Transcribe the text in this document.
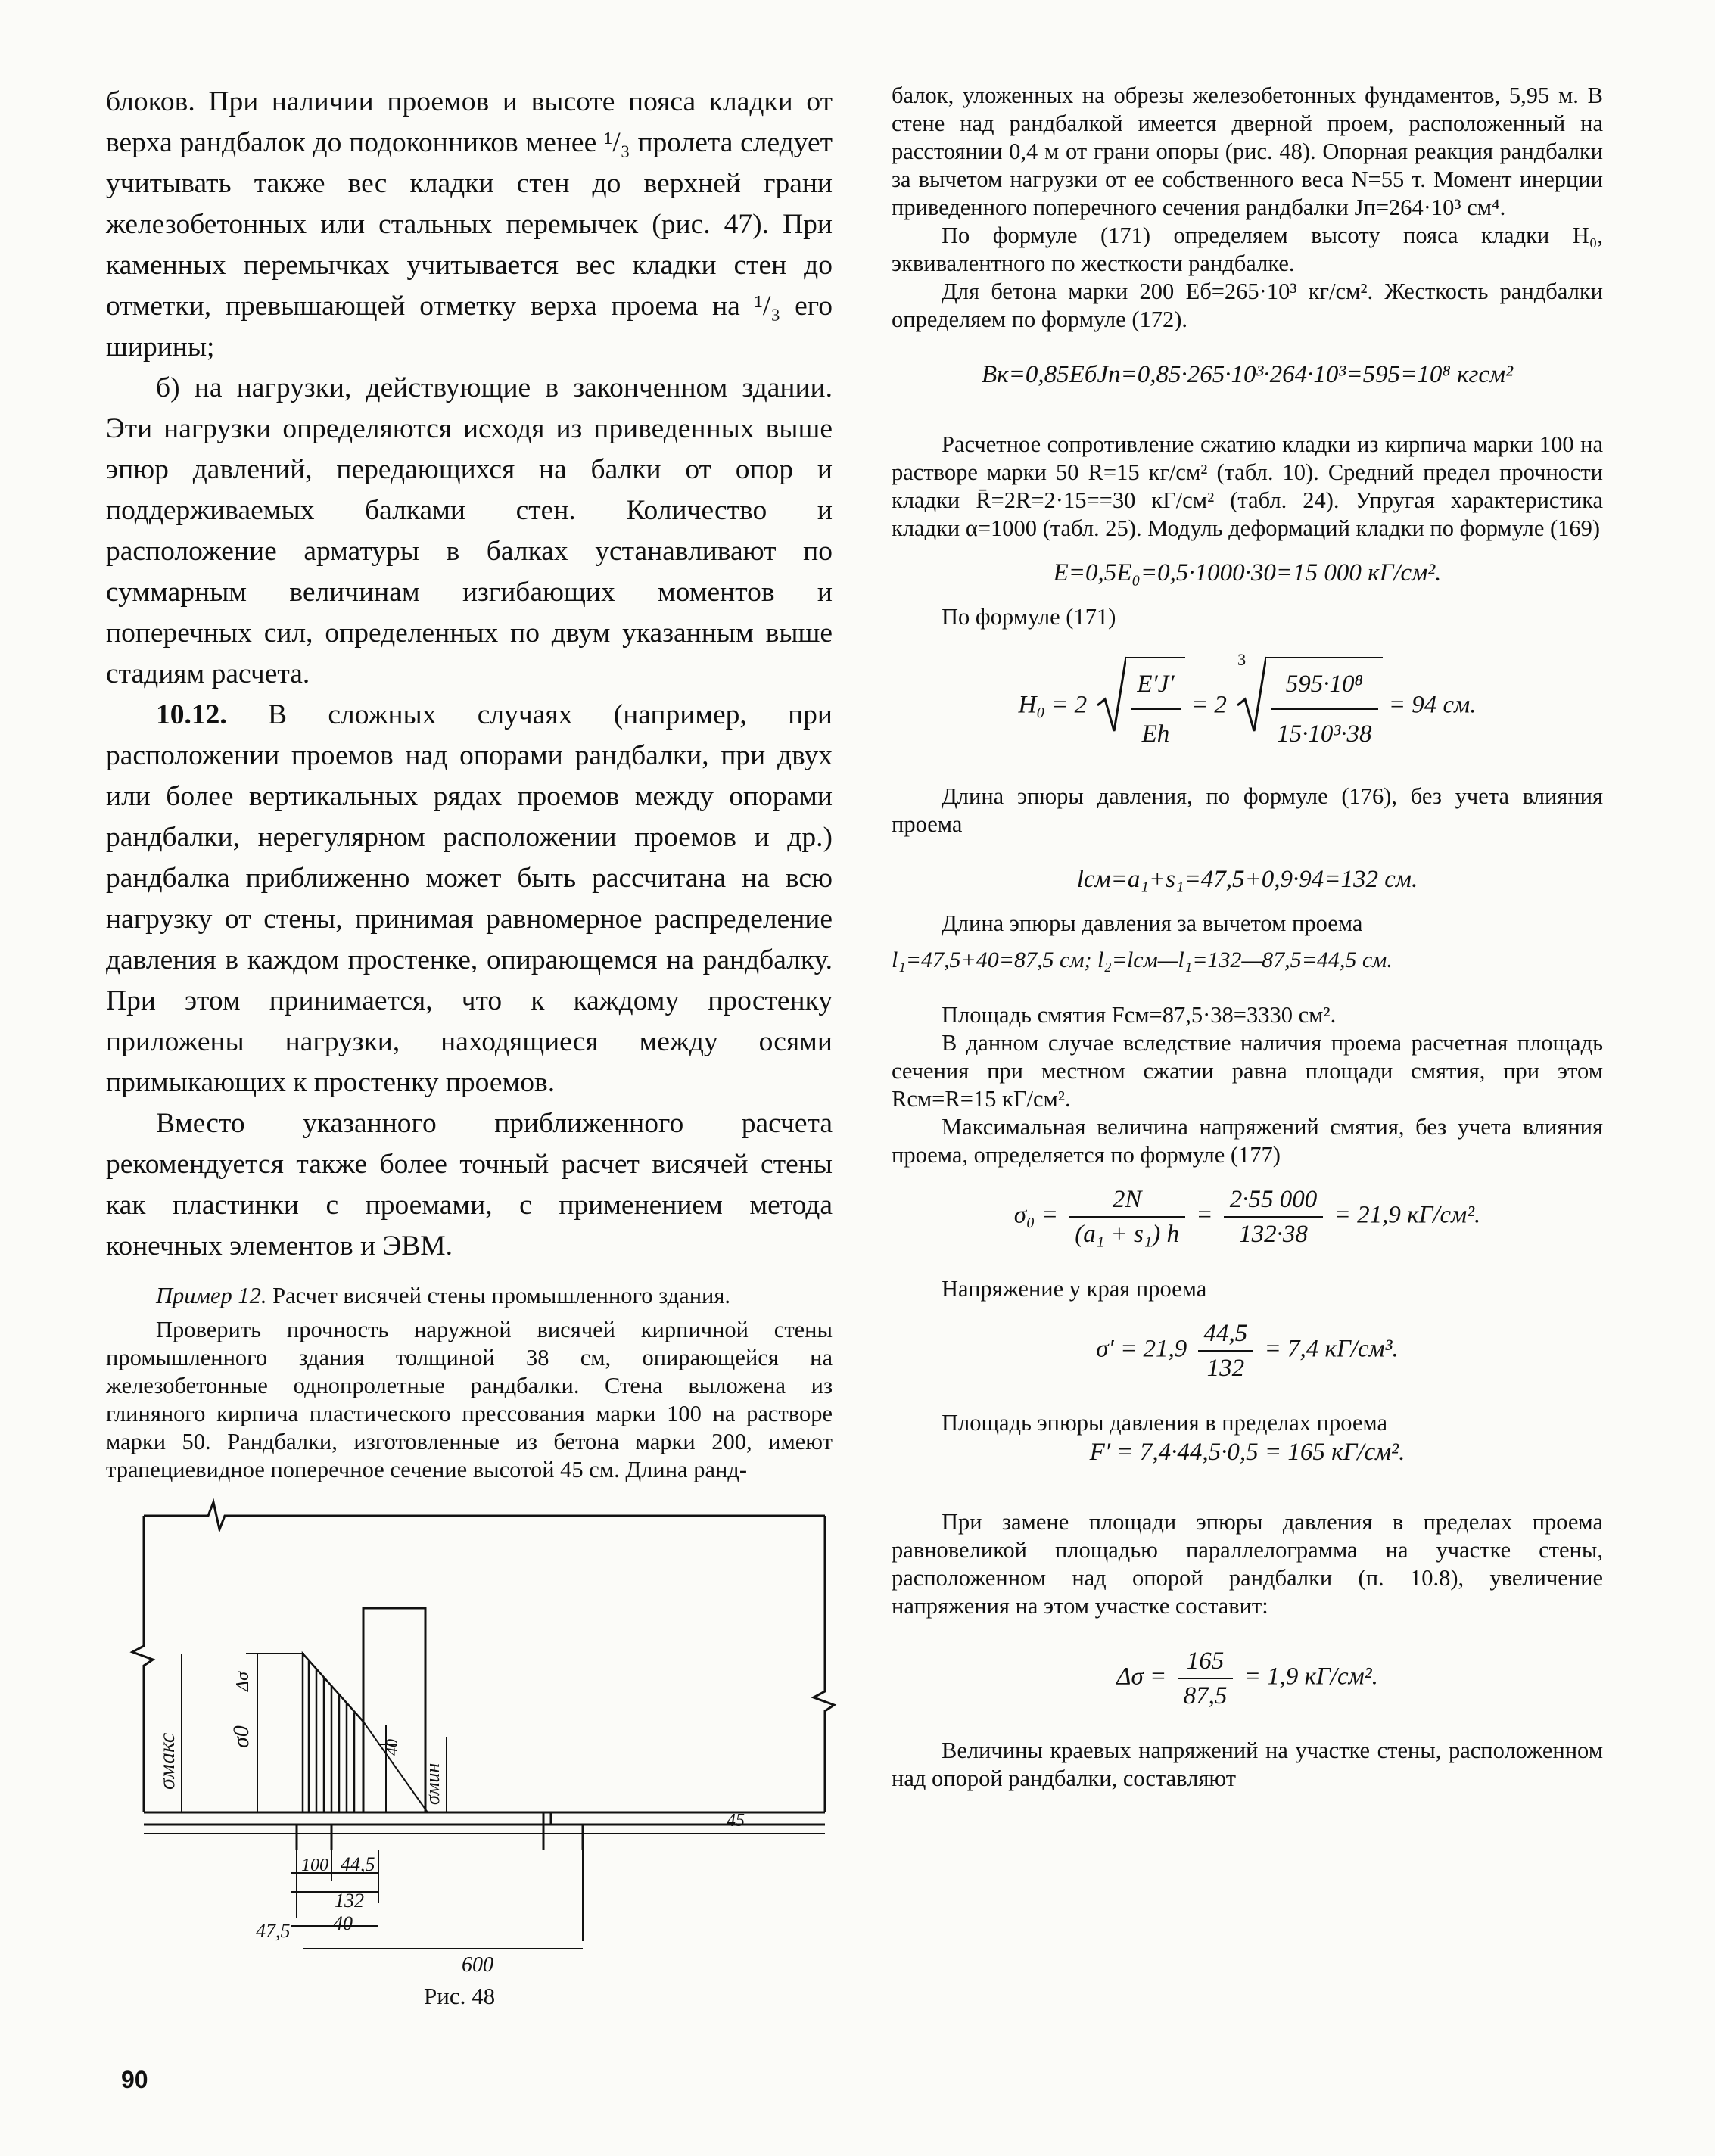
блоков. При наличии проемов и высоте пояса кладки от верха рандбалок до подоконников менее ¹/₃ пролета следует учитывать также вес кладки стен до верхней грани железобетонных или стальных перемычек (рис. 47). При каменных перемычках учитывается вес кладки стен до отметки, превышающей отметку верха проема на ¹/₃ его ширины;

б) на нагрузки, действующие в законченном здании. Эти нагрузки определяются исходя из приведенных выше эпюр давлений, передающихся на балки от опор и поддерживаемых балками стен. Количество и расположение арматуры в балках устанавливают по суммарным величинам изгибающих моментов и поперечных сил, определенных по двум указанным выше стадиям расчета.

10.12. В сложных случаях (например, при расположении проемов над опорами рандбалки, при двух или более вертикальных рядах проемов между опорами рандбалки, нерегулярном расположении проемов и др.) рандбалка приближенно может быть рассчитана на всю нагрузку от стены, принимая равномерное распределение давления в каждом простенке, опирающемся на рандбалку. При этом принимается, что к каждому простенку приложены нагрузки, находящиеся между осями примыкающих к простенку проемов.

Вместо указанного приближенного расчета рекомендуется также более точный расчет висячей стены как пластинки с проемами, с применением метода конечных элементов и ЭВМ.

Пример 12. Расчет висячей стены промышленного здания.

Проверить прочность наружной висячей кирпичной стены промышленного здания толщиной 38 см, опирающейся на железобетонные однопролетные рандбалки. Стена выложена из глиняного кирпича пластического прессования марки 100 на растворе марки 50. Рандбалки, изготовленные из бетона марки 200, имеют трапециевидное поперечное сечение высотой 45 см. Длина ранд-

σмакс σ0
Δσ
σмин
40
45
100 44,5
132
47,5 40
600
Рис. 48

балок, уложенных на обрезы железобетонных фундаментов, 5,95 м. В стене над рандбалкой имеется дверной проем, расположенный на расстоянии 0,4 м от грани опоры (рис. 48). Опорная реакция рандбалки за вычетом нагрузки от ее собственного веса N=55 т. Момент инерции приведенного поперечного сечения рандбалки Jп=264·10³ см⁴.

По формуле (171) определяем высоту пояса кладки H₀, эквивалентного по жесткости рандбалке.

Для бетона марки 200 Eб=265·10³ кг/см². Жесткость рандбалки определяем по формуле (172).

Bк=0,85EбJп=0,85·265·10³·264·10³=595=10⁸ кгсм²

Расчетное сопротивление сжатию кладки из кирпича марки 100 на растворе марки 50 R=15 кг/см² (табл. 10). Средний предел прочности кладки R̄=2R=2·15==30 кГ/см² (табл. 24). Упругая характеристика кладки α=1000 (табл. 25). Модуль деформаций кладки по формуле (169)

E=0,5E₀=0,5·1000·30=15 000 кГ/см².

По формуле (171)

$H_0 = 2 \frac{E'J'}{Eh} = 2$
3
$\frac{\text{595·10⁸}}{\text{15·10³·38}} = 94$ см.

Длина эпюры давления, по формуле (176), без учета влияния проема

lсм=a₁+s₁=47,5+0,9·94=132 см.

Длина эпюры давления за вычетом проема

l₁=47,5+40=87,5 см; l₂=lсм—l₁=132—87,5=44,5 см.

Площадь смятия Fсм=87,5·38=3330 см².

В данном случае вследствие наличия проема расчетная площадь сечения при местном сжатии равна площади смятия, при этом Rсм=R=15 кГ/см².

Максимальная величина напряжений смятия, без учета влияния проема, определяется по формуле (177)

$\sigma_0 = \frac{2N}{\text{(a₁ + s₁) h}} = \frac{2\cdot 55 000}{132\cdot 38} = 21,9$ кГ/см².

Напряжение у края проема

$\sigma' = 21,9 \frac{44,5}{132} = 7,4$ кГ/см³.

Площадь эпюры давления в пределах проема

F′ = 7,4·44,5·0,5 = 165 кГ/см².

При замене площади эпюры давления в пределах проема равновеликой площадью параллелограмма на участке стены, расположенном над опорой рандбалки (п. 10.8), увеличение напряжения на этом участке составит:

$\Delta\sigma = \frac{165}{87,5} = 1,9$ кГ/см².

Величины краевых напряжений на участке стены, расположенном над опорой рандбалки, составляют

90
